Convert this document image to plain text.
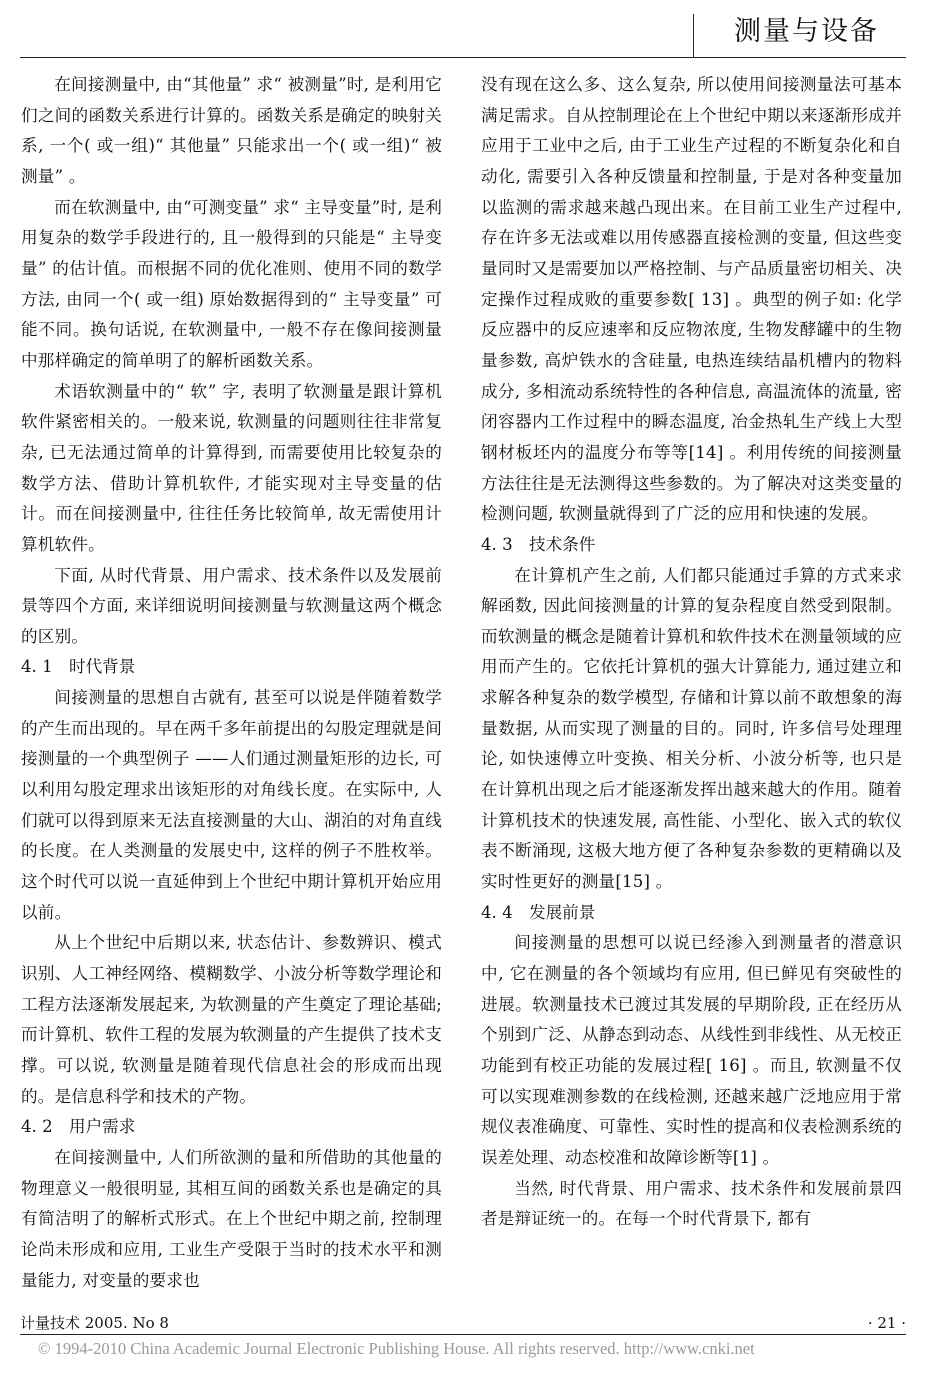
测量与设备

在间接测量中, 由“其他量” 求“ 被测量”时, 是利用它们之间的函数关系进行计算的。函数关系是确定的映射关系, 一个( 或一组)“ 其他量” 只能求出一个( 或一组)“ 被测量” 。

而在软测量中, 由“可测变量” 求“ 主导变量”时, 是利用复杂的数学手段进行的, 且一般得到的只能是“ 主导变量” 的估计值。而根据不同的优化准则、使用不同的数学方法, 由同一个( 或一组) 原始数据得到的“ 主导变量” 可能不同。换句话说, 在软测量中, 一般不存在像间接测量中那样确定的简单明了的解析函数关系。

术语软测量中的“ 软” 字, 表明了软测量是跟计算机软件紧密相关的。一般来说, 软测量的问题则往往非常复杂, 已无法通过简单的计算得到, 而需要使用比较复杂的数学方法、借助计算机软件, 才能实现对主导变量的估计。而在间接测量中, 往往任务比较简单, 故无需使用计算机软件。

下面, 从时代背景、用户需求、技术条件以及发展前景等四个方面, 来详细说明间接测量与软测量这两个概念的区别。

4. 1 时代背景

间接测量的思想自古就有, 甚至可以说是伴随着数学的产生而出现的。早在两千多年前提出的勾股定理就是间接测量的一个典型例子 ——人们通过测量矩形的边长, 可以利用勾股定理求出该矩形的对角线长度。在实际中, 人们就可以得到原来无法直接测量的大山、湖泊的对角直线的长度。在人类测量的发展史中, 这样的例子不胜枚举。这个时代可以说一直延伸到上个世纪中期计算机开始应用以前。

从上个世纪中后期以来, 状态估计、参数辨识、模式识别、人工神经网络、模糊数学、小波分析等数学理论和工程方法逐渐发展起来, 为软测量的产生奠定了理论基础; 而计算机、软件工程的发展为软测量的产生提供了技术支撑。可以说, 软测量是随着现代信息社会的形成而出现的。是信息科学和技术的产物。

4. 2 用户需求

在间接测量中, 人们所欲测的量和所借助的其他量的物理意义一般很明显, 其相互间的函数关系也是确定的具有简洁明了的解析式形式。在上个世纪中期之前, 控制理论尚未形成和应用, 工业生产受限于当时的技术水平和测量能力, 对变量的要求也

没有现在这么多、这么复杂, 所以使用间接测量法可基本满足需求。自从控制理论在上个世纪中期以来逐渐形成并应用于工业中之后, 由于工业生产过程的不断复杂化和自动化, 需要引入各种反馈量和控制量, 于是对各种变量加以监测的需求越来越凸现出来。在目前工业生产过程中, 存在许多无法或难以用传感器直接检测的变量, 但这些变量同时又是需要加以严格控制、与产品质量密切相关、决定操作过程成败的重要参数[ 13] 。典型的例子如: 化学反应器中的反应速率和反应物浓度, 生物发酵罐中的生物量参数, 高炉铁水的含硅量, 电热连续结晶机槽内的物料成分, 多相流动系统特性的各种信息, 高温流体的流量, 密闭容器内工作过程中的瞬态温度, 冶金热轧生产线上大型钢材板坯内的温度分布等等[14] 。利用传统的间接测量方法往往是无法测得这些参数的。为了解决对这类变量的检测问题, 软测量就得到了广泛的应用和快速的发展。

4. 3 技术条件

在计算机产生之前, 人们都只能通过手算的方式来求解函数, 因此间接测量的计算的复杂程度自然受到限制。而软测量的概念是随着计算机和软件技术在测量领域的应用而产生的。它依托计算机的强大计算能力, 通过建立和求解各种复杂的数学模型, 存储和计算以前不敢想象的海量数据, 从而实现了测量的目的。同时, 许多信号处理理论, 如快速傅立叶变换、相关分析、小波分析等, 也只是在计算机出现之后才能逐渐发挥出越来越大的作用。随着计算机技术的快速发展, 高性能、小型化、嵌入式的软仪表不断涌现, 这极大地方便了各种复杂参数的更精确以及实时性更好的测量[15] 。

4. 4 发展前景

间接测量的思想可以说已经渗入到测量者的潜意识中, 它在测量的各个领域均有应用, 但已鲜见有突破性的进展。软测量技术已渡过其发展的早期阶段, 正在经历从个别到广泛、从静态到动态、从线性到非线性、从无校正功能到有校正功能的发展过程[ 16] 。而且, 软测量不仅可以实现难测参数的在线检测, 还越来越广泛地应用于常规仪表准确度、可靠性、实时性的提高和仪表检测系统的误差处理、动态校准和故障诊断等[1] 。

当然, 时代背景、用户需求、技术条件和发展前景四者是辩证统一的。在每一个时代背景下, 都有

计量技术 2005. No 8	· 21 ·
© 1994-2010 China Academic Journal Electronic Publishing House. All rights reserved. http://www.cnki.net
